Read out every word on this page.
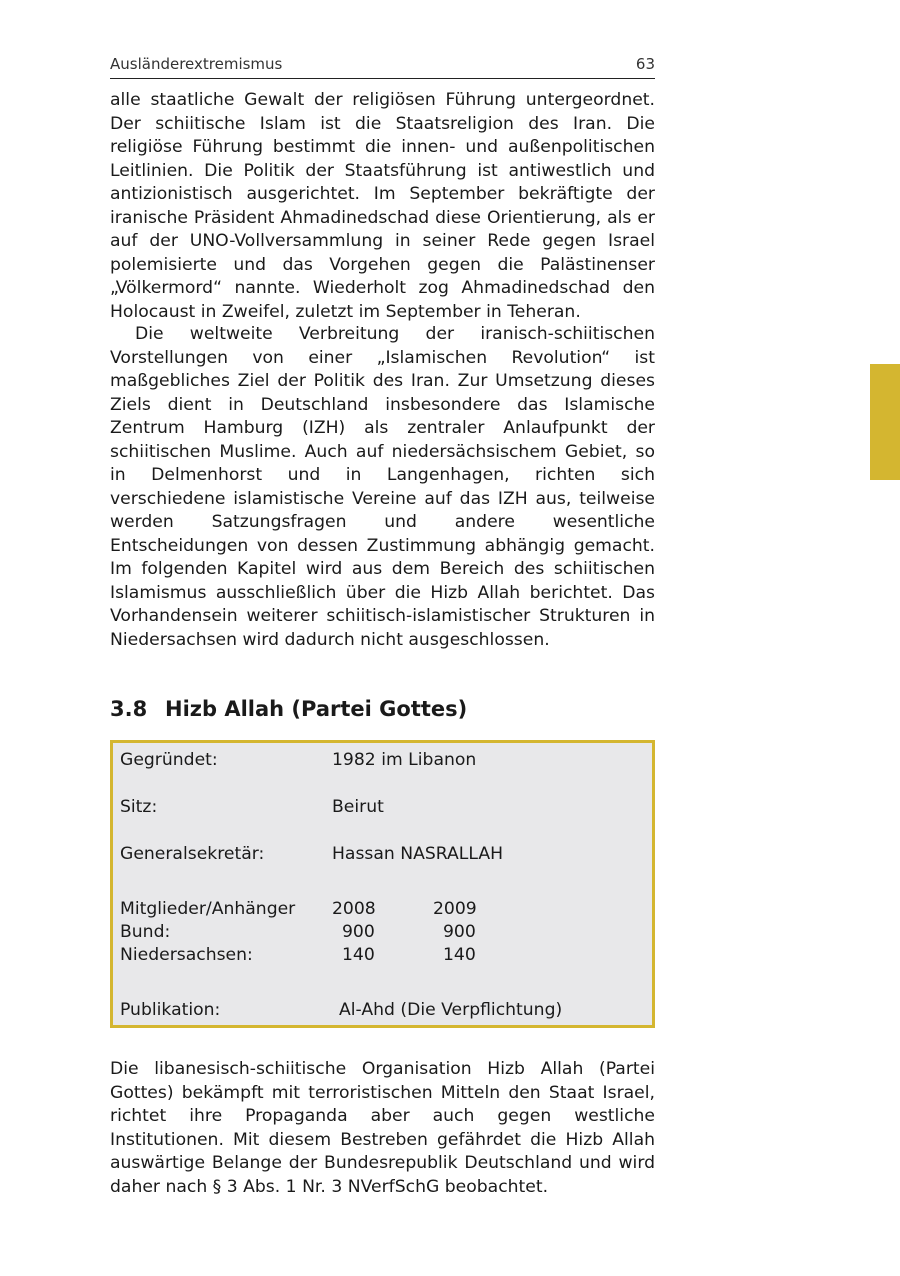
Ausländerextremismus	63
alle staatliche Gewalt der religiösen Führung untergeordnet. Der schiitische Islam ist die Staatsreligion des Iran. Die religiöse Führung bestimmt die innen- und außenpolitischen Leitlinien. Die Politik der Staatsführung ist antiwestlich und antizionistisch ausgerichtet. Im September bekräftigte der iranische Präsident Ahmadinedschad diese Orientierung, als er auf der UNO-Vollversammlung in seiner Rede gegen Israel polemisierte und das Vorgehen gegen die Palästinenser „Völkermord“ nannte. Wiederholt zog Ahmadinedschad den Holocaust in Zweifel, zuletzt im September in Teheran.
Die weltweite Verbreitung der iranisch-schiitischen Vorstellungen von einer „Islamischen Revolution“ ist maßgebliches Ziel der Politik des Iran. Zur Umsetzung dieses Ziels dient in Deutschland insbesondere das Islamische Zentrum Hamburg (IZH) als zentraler Anlaufpunkt der schiitischen Muslime. Auch auf niedersächsischem Gebiet, so in Delmenhorst und in Langenhagen, richten sich verschiedene islamistische Vereine auf das IZH aus, teilweise werden Satzungsfragen und andere wesentliche Entscheidungen von dessen Zustimmung abhängig gemacht. Im folgenden Kapitel wird aus dem Bereich des schiitischen Islamismus ausschließlich über die Hizb Allah berichtet. Das Vorhandensein weiterer schiitisch-islamistischer Strukturen in Niedersachsen wird dadurch nicht ausgeschlossen.
3.8 Hizb Allah (Partei Gottes)
Gegründet:	1982 im Libanon
Sitz:	Beirut
Generalsekretär:	Hassan NASRALLAH
Mitglieder/Anhänger 2008	2009
Bund:	900	900
Niedersachsen:	140	140
Publikation:	Al-Ahd (Die Verpflichtung)
Die libanesisch-schiitische Organisation Hizb Allah (Partei Gottes) bekämpft mit terroristischen Mitteln den Staat Israel, richtet ihre Propaganda aber auch gegen westliche Institutionen. Mit diesem Bestreben gefährdet die Hizb Allah auswärtige Belange der Bundesrepublik Deutschland und wird daher nach § 3 Abs. 1 Nr. 3 NVerfSchG beobachtet.
